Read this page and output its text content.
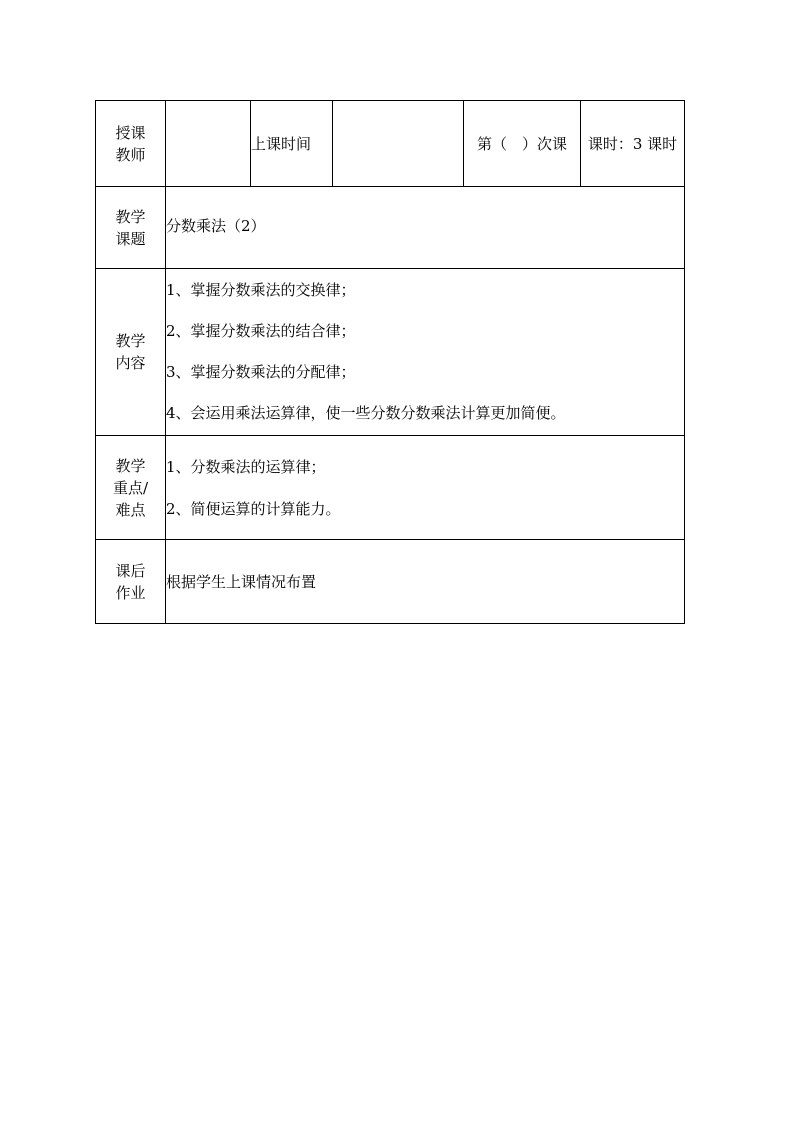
授课
教师		上课时间		第（　）次课	课时：3 课时

教学
课题	分数乘法（2）				

教学
内容	1、掌握分数乘法的交换律；
2、掌握分数乘法的结合律；
3、掌握分数乘法的分配律；
4、会运用乘法运算律，使一些分数分数乘法计算更加简便。				

教学
重点/
难点	1、分数乘法的运算律；
2、简便运算的计算能力。				

课后
作业	根据学生上课情况布置				
